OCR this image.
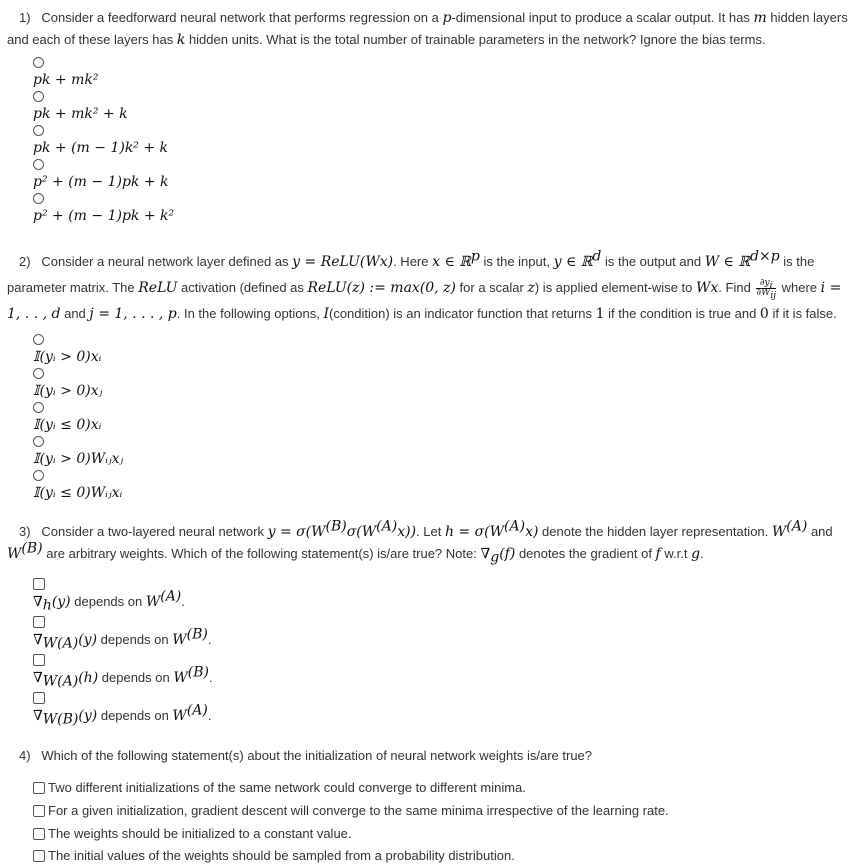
1) Consider a feedforward neural network that performs regression on a p-dimensional input to produce a scalar output. It has m hidden layers and each of these layers has k hidden units. What is the total number of trainable parameters in the network? Ignore the bias terms.
pk + mk²
pk + mk² + k
pk + (m − 1)k² + k
p² + (m − 1)pk + k
p² + (m − 1)pk + k²
2) Consider a neural network layer defined as y = ReLU(Wx). Here x ∈ ℝ$^p$ is the input, y ∈ ℝ$^d$ is the output and W ∈ ℝ$^{d\times p}$ is the parameter matrix. The ReLU activation (defined as ReLU(z) := max(0, z) for a scalar z) is applied element-wise to Wx. Find $\frac{\partial y_i}{\partial W_{ij}}$ where i = 1, . . , d and j = 1, . . . , p. In the following options, I(condition) is an indicator function that returns 1 if the condition is true and 0 if it is false.
𝕀(yᵢ > 0)xᵢ
𝕀(yᵢ > 0)xⱼ
𝕀(yᵢ ≤ 0)xᵢ
𝕀(yᵢ > 0)Wᵢⱼxⱼ
𝕀(yᵢ ≤ 0)Wᵢⱼxᵢ
3) Consider a two-layered neural network $y = \sigma(W^{(B)}\sigma(W^{(A)}x))$. Let $h = \sigma(W^{(A)}x)$ denote the hidden layer representation. $W^{(A)}$ and $W^{(B)}$ are arbitrary weights. Which of the following statement(s) is/are true? Note: $\nabla_g(f)$ denotes the gradient of f w.r.t g.
$\nabla_h(y)$ depends on $W^{(A)}$.
$\nabla_{W(A)}(y)$ depends on $W^{(B)}$.
$\nabla_{W(A)}(h)$ depends on $W^{(B)}$.
$\nabla_{W(B)}(y)$ depends on $W^{(A)}$.
4) Which of the following statement(s) about the initialization of neural network weights is/are true?
Two different initializations of the same network could converge to different minima.
For a given initialization, gradient descent will converge to the same minima irrespective of the learning rate.
The weights should be initialized to a constant value.
The initial values of the weights should be sampled from a probability distribution.
